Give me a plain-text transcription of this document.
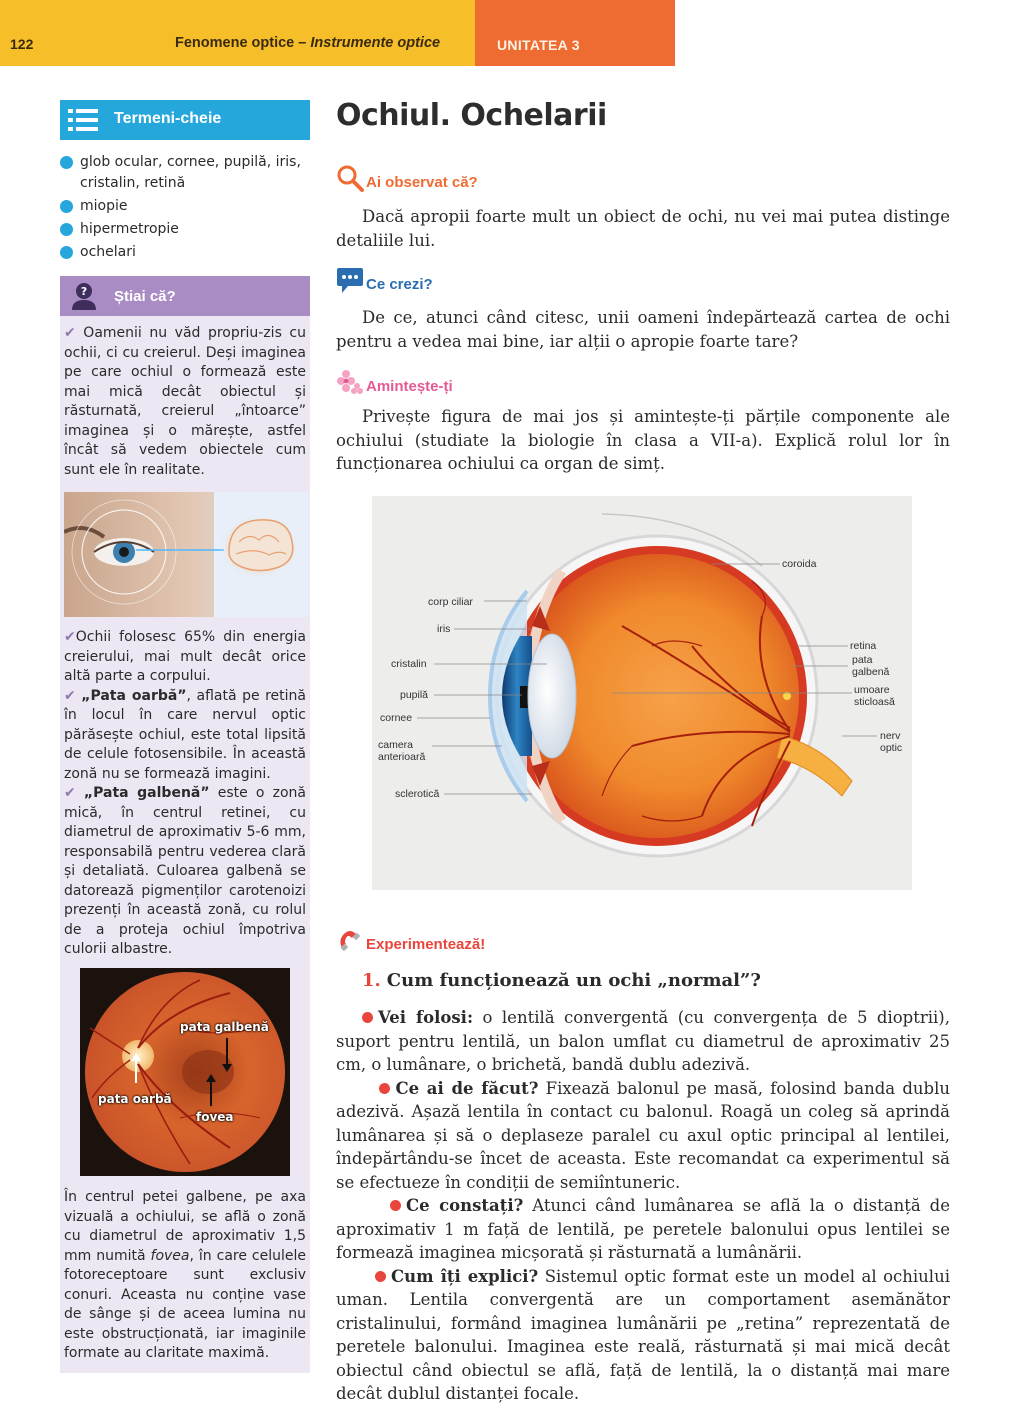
122	Fenomene optice – Instrumente optice	UNITATEA 3
Termeni-cheie
glob ocular, cornee, pupilă, iris, cristalin, retină
miopie
hipermetropie
ochelari
? Știai că?

✔ Oamenii nu văd propriu-zis cu ochii, ci cu creierul. Deși imaginea pe care ochiul o formează este mai mică decât obiectul și răsturnată, creierul „întoarce” imaginea și o mărește, astfel încât să vedem obiectele cum sunt ele în realitate.

✔Ochii folosesc 65% din energia creierului, mai mult decât orice altă parte a corpului.
✔ „Pata oarbă”, aflată pe retină în locul în care nervul optic părăsește ochiul, este total lipsită de celule fotosensibile. În această zonă nu se formează imagini.
✔ „Pata galbenă” este o zonă mică, în centrul retinei, cu diametrul de aproximativ 5-6 mm, responsabilă pentru vederea clară și detaliată. Culoarea galbenă se datorează pigmenților carotenoizi prezenți în această zonă, cu rolul de a proteja ochiul împotriva culorii albastre.

pata galbenă
pata oarbă
fovea

În centrul petei galbene, pe axa vizuală a ochiului, se află o zonă cu diametrul de aproximativ 1,5 mm numită fovea, în care celulele fotoreceptoare sunt exclusiv conuri. Aceasta nu conține vase de sânge și de aceea lumina nu este obstrucționată, iar imaginile formate au claritate maximă.

Ochiul. Ochelarii
Ai observat că?

Dacă apropii foarte mult un obiect de ochi, nu vei mai putea distinge detaliile lui.

Ce crezi?

De ce, atunci când citesc, unii oameni îndepărtează cartea de ochi pentru a vedea mai bine, iar alții o apropie foarte tare?

Amintește-ți

Privește figura de mai jos și amintește-ți părțile componente ale ochiului (studiate la biologie în clasa a VII-a). Explică rolul lor în funcționarea ochiului ca organ de simț.

coroida
corp ciliar
iris
cristalin
pupilă
cornee
camera anterioară
sclerotică
retina
pata galbenă
umoare sticloasă
nerv optic
Experimentează!
1. Cum funcționează un ochi „normal”?

Vei folosi: o lentilă convergentă (cu convergența de 5 dioptrii), suport pentru lentilă, un balon umflat cu diametrul de aproximativ 25 cm, o lumânare, o brichetă, bandă dublu adezivă.
Ce ai de făcut? Fixează balonul pe masă, folosind banda dublu adezivă. Așază lentila în contact cu balonul. Roagă un coleg să aprindă lumânarea și să o deplaseze paralel cu axul optic principal al lentilei, îndepărtându-se încet de aceasta. Este recomandat ca experimentul să se efectueze în condiții de semiîntuneric.
Ce constați? Atunci când lumânarea se află la o distanță de aproximativ 1 m față de lentilă, pe peretele balonului opus lentilei se formează imaginea micșorată și răsturnată a lumânării.
Cum îți explici? Sistemul optic format este un model al ochiului uman. Lentila convergentă are un comportament asemănător cristalinului, formând imaginea lumânării pe „retina” reprezentată de peretele balonului. Imaginea este reală, răsturnată și mai mică decât obiectul când obiectul se află, față de lentilă, la o distanță mai mare decât dublul distanței focale.
